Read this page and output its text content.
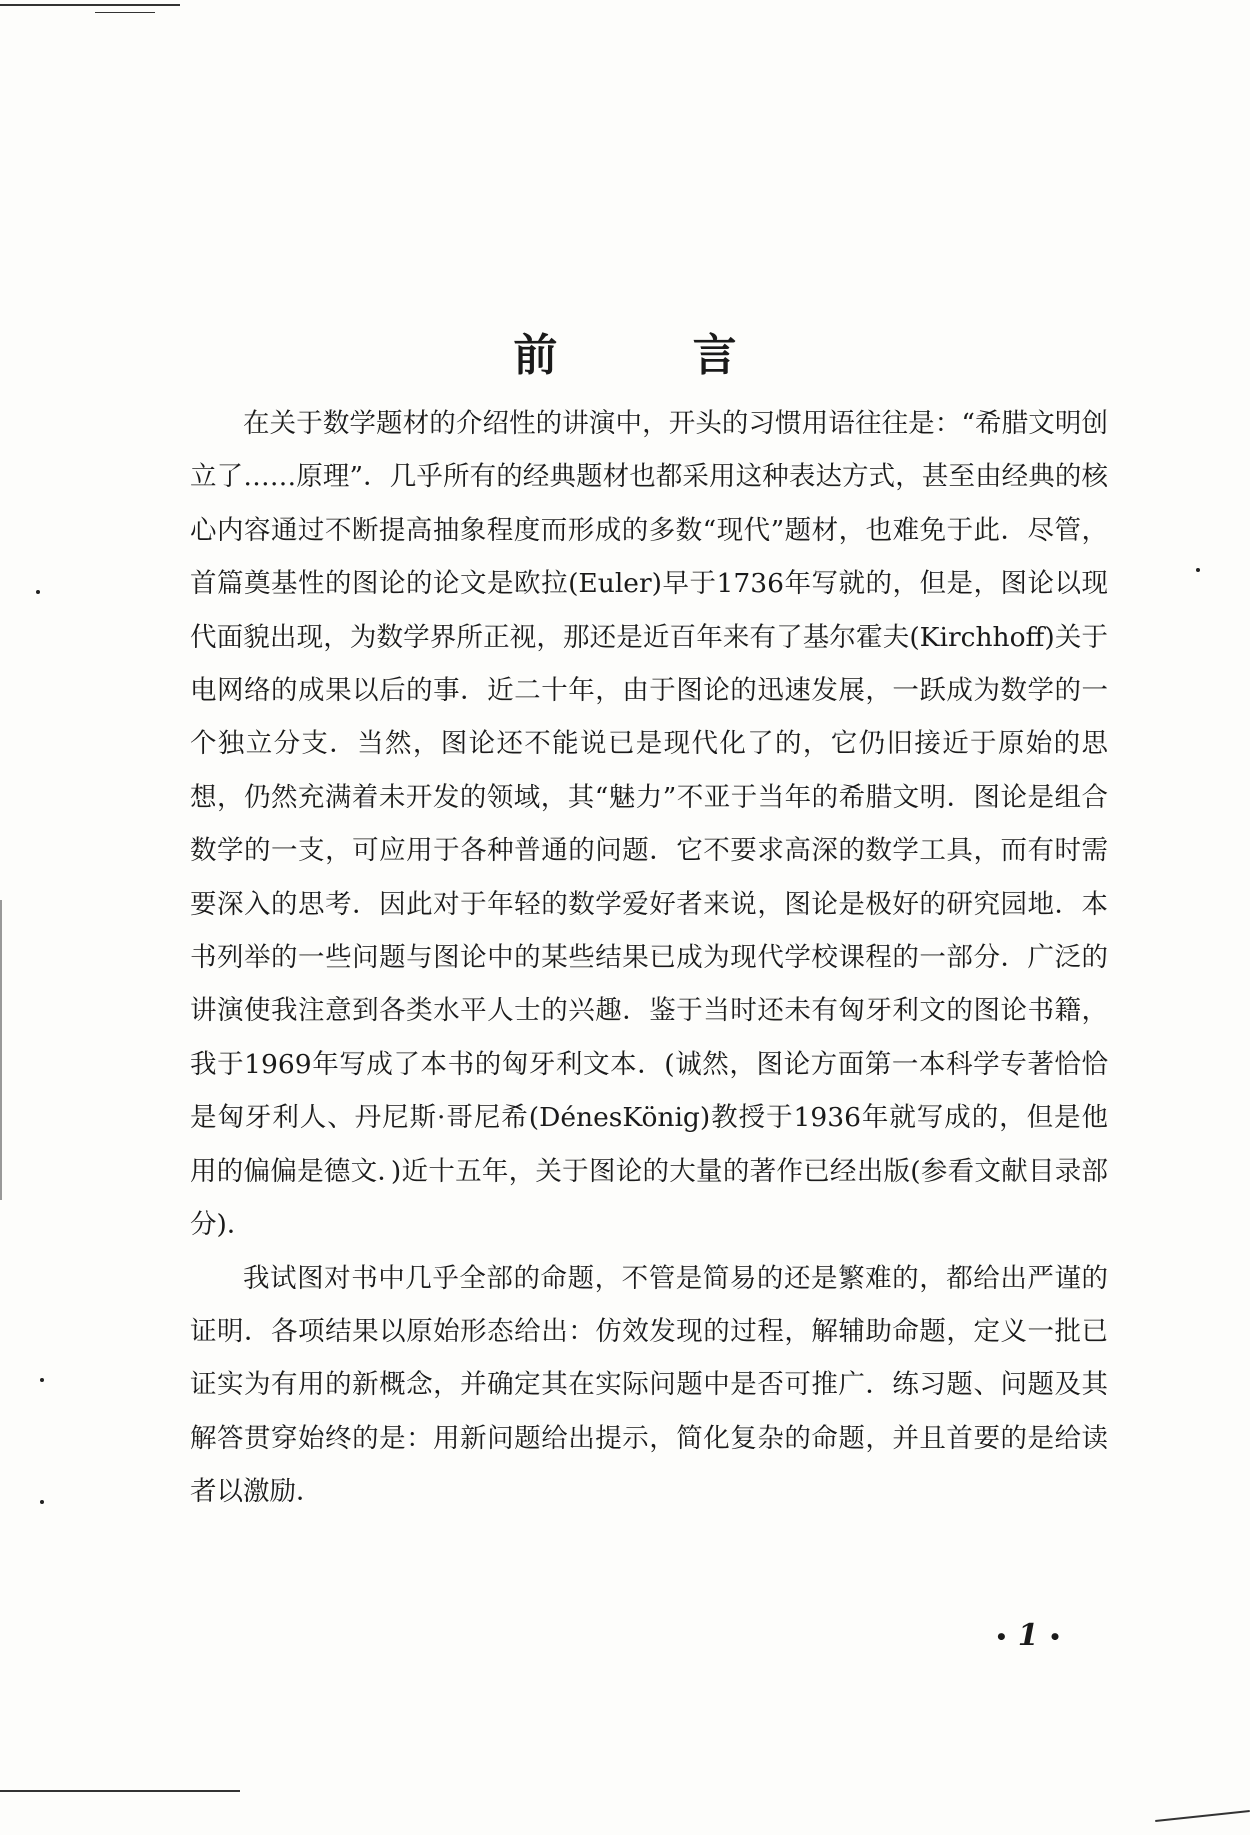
前 言

在关于数学题材的介绍性的讲演中，开头的习惯用语往往是：“希腊文明创立了……原理”．几乎所有的经典题材也都采用这种表达方式，甚至由经典的核心内容通过不断提高抽象程度而形成的多数“现代”题材，也难免于此．尽管，首篇奠基性的图论的论文是欧拉(Euler)早于1736年写就的，但是，图论以现代面貌出现，为数学界所正视，那还是近百年来有了基尔霍夫(Kirchhoff)关于电网络的成果以后的事．近二十年，由于图论的迅速发展，一跃成为数学的一个独立分支．当然，图论还不能说已是现代化了的，它仍旧接近于原始的思想，仍然充满着未开发的领域，其“魅力”不亚于当年的希腊文明．图论是组合数学的一支，可应用于各种普通的问题．它不要求高深的数学工具，而有时需要深入的思考．因此对于年轻的数学爱好者来说，图论是极好的研究园地．本书列举的一些问题与图论中的某些结果已成为现代学校课程的一部分．广泛的讲演使我注意到各类水平人士的兴趣．鉴于当时还未有匈牙利文的图论书籍，我于1969年写成了本书的匈牙利文本．(诚然，图论方面第一本科学专著恰恰是匈牙利人、丹尼斯·哥尼希(DénesKönig)教授于1936年就写成的，但是他用的偏偏是德文．)近十五年，关于图论的大量的著作已经出版(参看文献目录部分)．

我试图对书中几乎全部的命题，不管是简易的还是繁难的，都给出严谨的证明．各项结果以原始形态给出：仿效发现的过程，解辅助命题，定义一批已证实为有用的新概念，并确定其在实际问题中是否可推广．练习题、问题及其解答贯穿始终的是：用新问题给出提示，简化复杂的命题，并且首要的是给读者以激励．

•1•
